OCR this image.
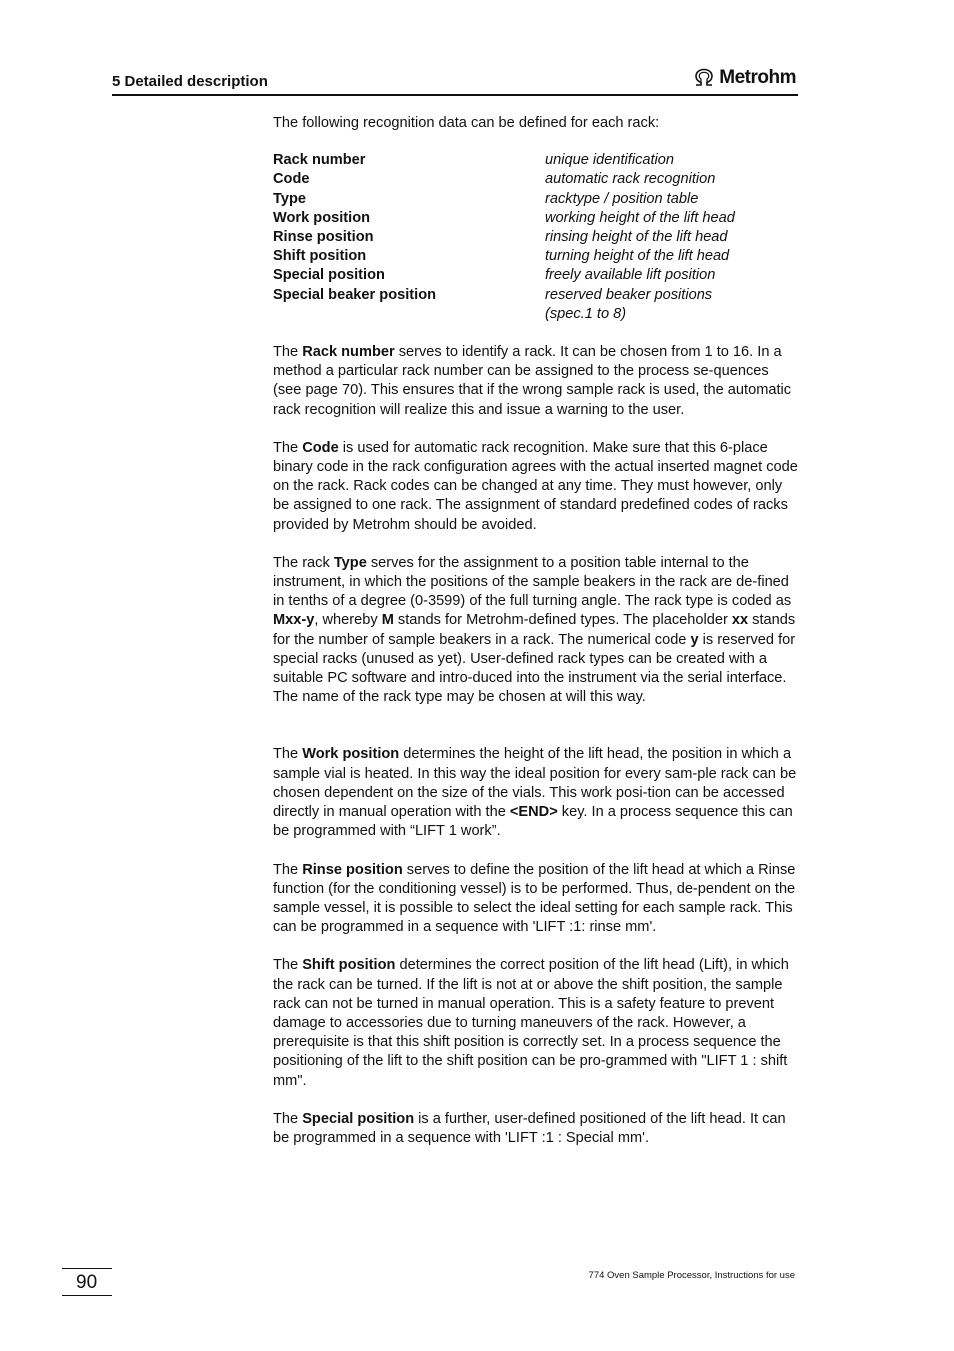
5 Detailed description	Metrohm

The following recognition data can be defined for each rack:

Rack number	unique identification
Code	automatic rack recognition
Type	racktype / position table
Work position	working height of the lift head
Rinse position	rinsing height of the lift head
Shift position	turning height of the lift head
Special position	freely available lift position
Special beaker position	reserved beaker positions
	(spec.1 to 8)

The Rack number serves to identify a rack. It can be chosen from 1 to 16. In a method a particular rack number can be assigned to the process se-quences (see page 70). This ensures that if the wrong sample rack is used, the automatic rack recognition will realize this and issue a warning to the user.

The Code is used for automatic rack recognition. Make sure that this 6-place binary code in the rack configuration agrees with the actual inserted magnet code on the rack. Rack codes can be changed at any time. They must however, only be assigned to one rack. The assignment of standard predefined codes of racks provided by Metrohm should be avoided.

The rack Type serves for the assignment to a position table internal to the instrument, in which the positions of the sample beakers in the rack are de-fined in tenths of a degree (0-3599) of the full turning angle. The rack type is coded as Mxx-y, whereby M stands for Metrohm-defined types. The placeholder xx stands for the number of sample beakers in a rack. The numerical code y is reserved for special racks (unused as yet). User-defined rack types can be created with a suitable PC software and intro-duced into the instrument via the serial interface. The name of the rack type may be chosen at will this way.

The Work position determines the height of the lift head, the position in which a sample vial is heated. In this way the ideal position for every sam-ple rack can be chosen dependent on the size of the vials. This work posi-tion can be accessed directly in manual operation with the <END> key. In a process sequence this can be programmed with “LIFT 1 work”.

The Rinse position serves to define the position of the lift head at which a Rinse function (for the conditioning vessel) is to be performed. Thus, de-pendent on the sample vessel, it is possible to select the ideal setting for each sample rack. This can be programmed in a sequence with 'LIFT :1: rinse mm'.

The Shift position determines the correct position of the lift head (Lift), in which the rack can be turned. If the lift is not at or above the shift position, the sample rack can not be turned in manual operation. This is a safety feature to prevent damage to accessories due to turning maneuvers of the rack. However, a prerequisite is that this shift position is correctly set. In a process sequence the positioning of the lift to the shift position can be pro-grammed with "LIFT 1 : shift mm".

The Special position is a further, user-defined positioned of the lift head. It can be programmed in a sequence with 'LIFT :1 : Special mm'.

90	774 Oven Sample Processor, Instructions for use
